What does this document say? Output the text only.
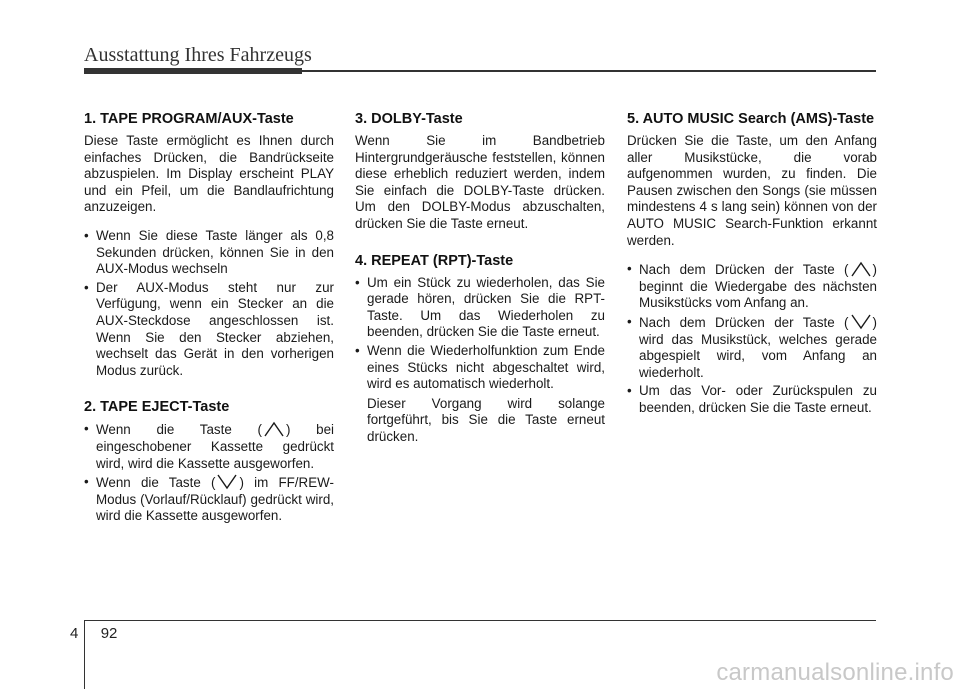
Ausstattung Ihres Fahrzeugs
1. TAPE PROGRAM/AUX-Taste

Diese Taste ermöglicht es Ihnen durch einfaches Drücken, die Bandrückseite abzuspielen. Im Display erscheint PLAY und ein Pfeil, um die Bandlaufrichtung anzuzeigen.

• Wenn Sie diese Taste länger als 0,8 Sekunden drücken, können Sie in den AUX-Modus wechseln
• Der AUX-Modus steht nur zur Verfügung, wenn ein Stecker an die AUX-Steckdose angeschlossen ist. Wenn Sie den Stecker abziehen, wechselt das Gerät in den vorherigen Modus zurück.
2. TAPE EJECT-Taste
• Wenn die Taste ( ) bei eingeschobener Kassette gedrückt wird, wird die Kassette ausgeworfen.
• Wenn die Taste ( ) im FF/REW-Modus (Vorlauf/Rücklauf) gedrückt wird, wird die Kassette ausgeworfen.
3. DOLBY-Taste

Wenn Sie im Bandbetrieb Hintergrundgeräusche feststellen, können diese erheblich reduziert werden, indem Sie einfach die DOLBY-Taste drücken. Um den DOLBY-Modus abzuschalten, drücken Sie die Taste erneut.

4. REPEAT (RPT)-Taste
• Um ein Stück zu wiederholen, das Sie gerade hören, drücken Sie die RPT-Taste. Um das Wiederholen zu beenden, drücken Sie die Taste erneut.
• Wenn die Wiederholfunktion zum Ende eines Stücks nicht abgeschaltet wird, wird es automatisch wiederholt.

Dieser Vorgang wird solange fortgeführt, bis Sie die Taste erneut drücken.

5. AUTO MUSIC Search (AMS)-Taste

Drücken Sie die Taste, um den Anfang aller Musikstücke, die vorab aufgenommen wurden, zu finden. Die Pausen zwischen den Songs (sie müssen mindestens 4 s lang sein) können von der AUTO MUSIC Search-Funktion erkannt werden.

• Nach dem Drücken der Taste ( ) beginnt die Wiedergabe des nächsten Musikstücks vom Anfang an.
• Nach dem Drücken der Taste ( ) wird das Musikstück, welches gerade abgespielt wird, vom Anfang an wiederholt.
• Um das Vor- oder Zurückspulen zu beenden, drücken Sie die Taste erneut.
4 92
carmanualsonline.info
